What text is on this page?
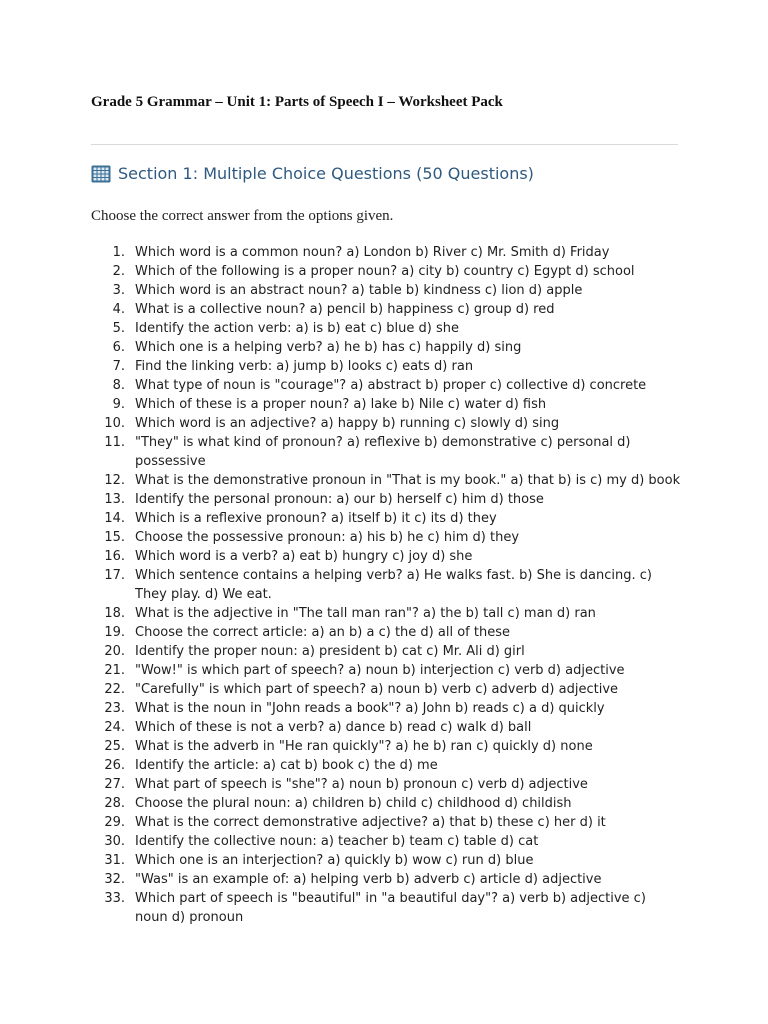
Grade 5 Grammar – Unit 1: Parts of Speech I – Worksheet Pack
Section 1: Multiple Choice Questions (50 Questions)

Choose the correct answer from the options given.

1. Which word is a common noun? a) London b) River c) Mr. Smith d) Friday
2. Which of the following is a proper noun? a) city b) country c) Egypt d) school
3. Which word is an abstract noun? a) table b) kindness c) lion d) apple
4. What is a collective noun? a) pencil b) happiness c) group d) red
5. Identify the action verb: a) is b) eat c) blue d) she
6. Which one is a helping verb? a) he b) has c) happily d) sing
7. Find the linking verb: a) jump b) looks c) eats d) ran
8. What type of noun is "courage"? a) abstract b) proper c) collective d) concrete
9. Which of these is a proper noun? a) lake b) Nile c) water d) fish
10. Which word is an adjective? a) happy b) running c) slowly d) sing
11. "They" is what kind of pronoun? a) reflexive b) demonstrative c) personal d) possessive
12. What is the demonstrative pronoun in "That is my book." a) that b) is c) my d) book
13. Identify the personal pronoun: a) our b) herself c) him d) those
14. Which is a reflexive pronoun? a) itself b) it c) its d) they
15. Choose the possessive pronoun: a) his b) he c) him d) they
16. Which word is a verb? a) eat b) hungry c) joy d) she
17. Which sentence contains a helping verb? a) He walks fast. b) She is dancing. c) They play. d) We eat.
18. What is the adjective in "The tall man ran"? a) the b) tall c) man d) ran
19. Choose the correct article: a) an b) a c) the d) all of these
20. Identify the proper noun: a) president b) cat c) Mr. Ali d) girl
21. "Wow!" is which part of speech? a) noun b) interjection c) verb d) adjective
22. "Carefully" is which part of speech? a) noun b) verb c) adverb d) adjective
23. What is the noun in "John reads a book"? a) John b) reads c) a d) quickly
24. Which of these is not a verb? a) dance b) read c) walk d) ball
25. What is the adverb in "He ran quickly"? a) he b) ran c) quickly d) none
26. Identify the article: a) cat b) book c) the d) me
27. What part of speech is "she"? a) noun b) pronoun c) verb d) adjective
28. Choose the plural noun: a) children b) child c) childhood d) childish
29. What is the correct demonstrative adjective? a) that b) these c) her d) it
30. Identify the collective noun: a) teacher b) team c) table d) cat
31. Which one is an interjection? a) quickly b) wow c) run d) blue
32. "Was" is an example of: a) helping verb b) adverb c) article d) adjective
33. Which part of speech is "beautiful" in "a beautiful day"? a) verb b) adjective c) noun d) pronoun
